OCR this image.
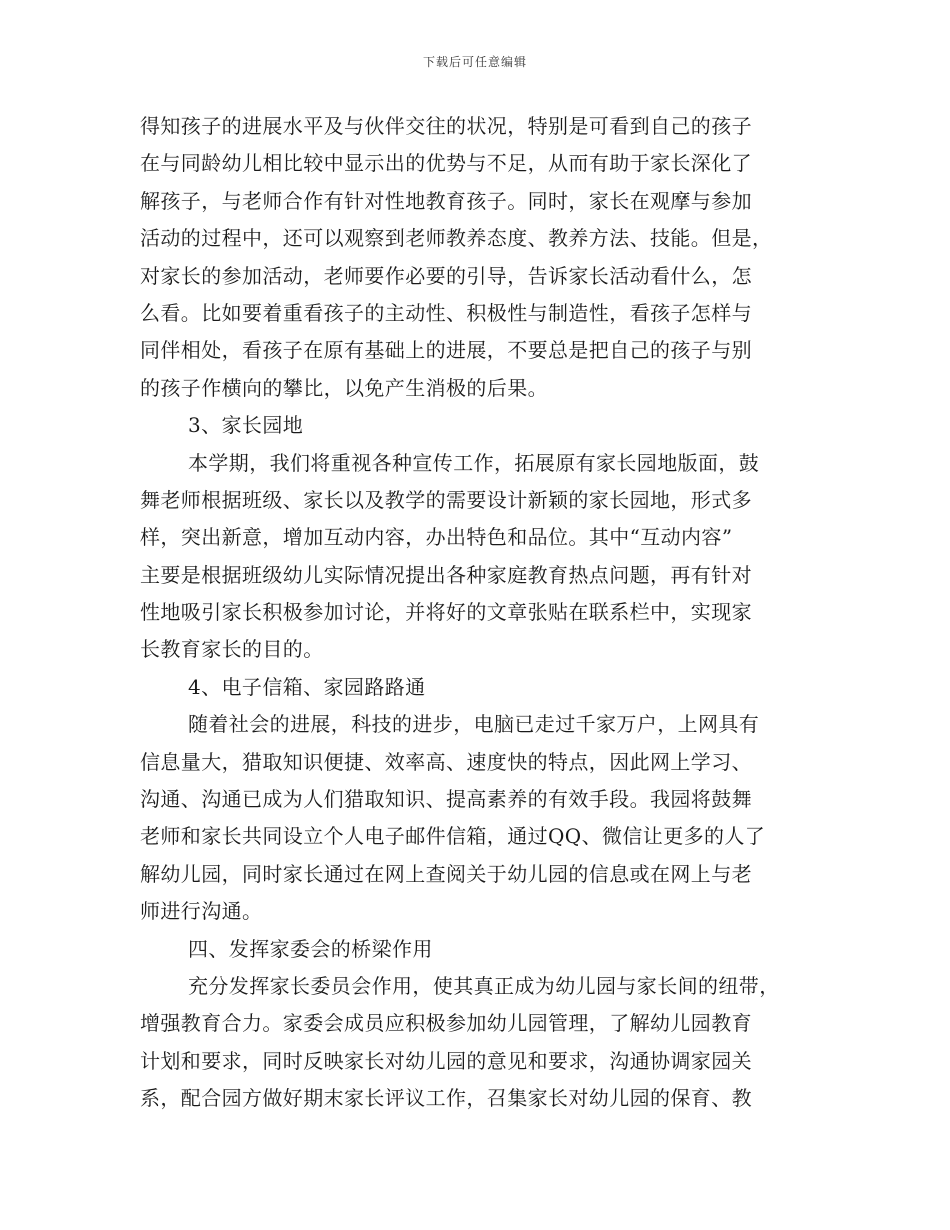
下载后可任意编辑
得知孩子的进展水平及与伙伴交往的状况，特别是可看到自己的孩子
在与同龄幼儿相比较中显示出的优势与不足，从而有助于家长深化了
解孩子，与老师合作有针对性地教育孩子。同时，家长在观摩与参加
活动的过程中，还可以观察到老师教养态度、教养方法、技能。但是，
对家长的参加活动，老师要作必要的引导，告诉家长活动看什么，怎
么看。比如要着重看孩子的主动性、积极性与制造性，看孩子怎样与
同伴相处，看孩子在原有基础上的进展，不要总是把自己的孩子与别
的孩子作横向的攀比，以免产生消极的后果。
3、家长园地
本学期，我们将重视各种宣传工作，拓展原有家长园地版面，鼓
舞老师根据班级、家长以及教学的需要设计新颖的家长园地，形式多
样，突出新意，增加互动内容，办出特色和品位。其中“互动内容”
主要是根据班级幼儿实际情况提出各种家庭教育热点问题，再有针对
性地吸引家长积极参加讨论，并将好的文章张贴在联系栏中，实现家
长教育家长的目的。
4、电子信箱、家园路路通
随着社会的进展，科技的进步，电脑已走过千家万户，上网具有
信息量大，猎取知识便捷、效率高、速度快的特点，因此网上学习、
沟通、沟通已成为人们猎取知识、提高素养的有效手段。我园将鼓舞
老师和家长共同设立个人电子邮件信箱，通过QQ、微信让更多的人了
解幼儿园，同时家长通过在网上查阅关于幼儿园的信息或在网上与老
师进行沟通。
四、发挥家委会的桥梁作用
充分发挥家长委员会作用，使其真正成为幼儿园与家长间的纽带，
增强教育合力。家委会成员应积极参加幼儿园管理，了解幼儿园教育
计划和要求，同时反映家长对幼儿园的意见和要求，沟通协调家园关
系，配合园方做好期末家长评议工作，召集家长对幼儿园的保育、教
